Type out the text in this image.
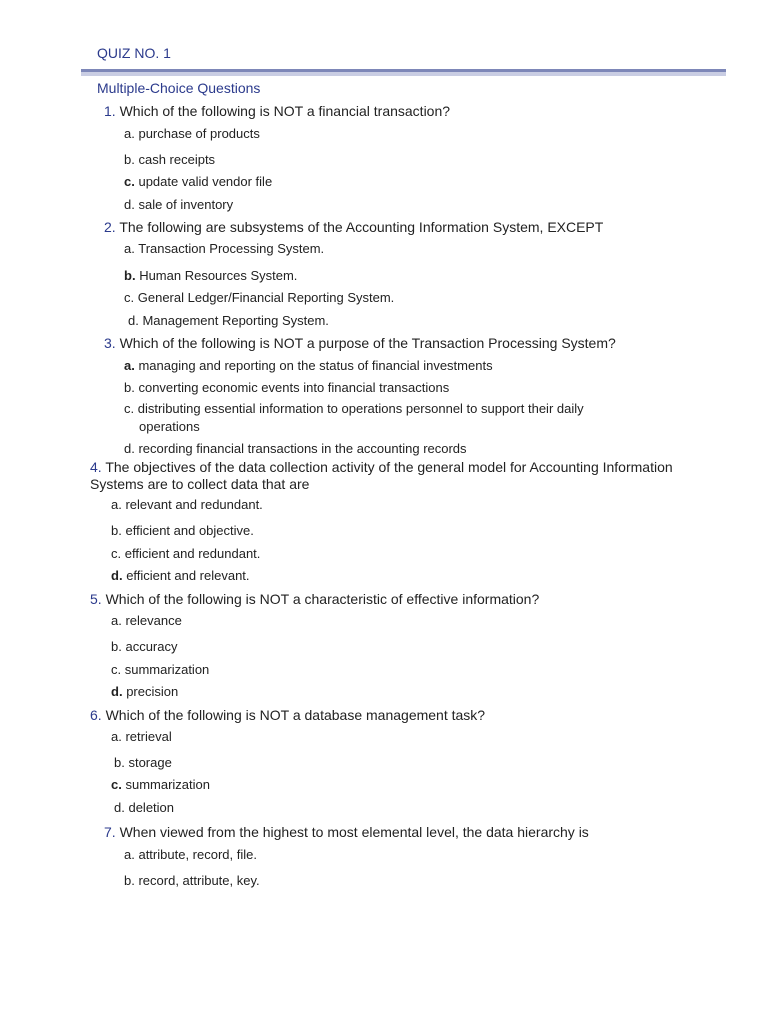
QUIZ NO. 1
Multiple-Choice Questions
1. Which of the following is NOT a financial transaction?
a. purchase of products
b. cash receipts
c. update valid vendor file
d. sale of inventory
2. The following are subsystems of the Accounting Information System, EXCEPT
a. Transaction Processing System.
b. Human Resources System.
c. General Ledger/Financial Reporting System.
d. Management Reporting System.
3. Which of the following is NOT a purpose of the Transaction Processing System?
a. managing and reporting on the status of financial investments
b. converting economic events into financial transactions
c. distributing essential information to operations personnel to support their daily
operations
d. recording financial transactions in the accounting records
4. The objectives of the data collection activity of the general model for Accounting Information
Systems are to collect data that are
a. relevant and redundant.
b. efficient and objective.
c. efficient and redundant.
d. efficient and relevant.
5. Which of the following is NOT a characteristic of effective information?
a. relevance
b. accuracy
c. summarization
d. precision
6. Which of the following is NOT a database management task?
a. retrieval
b. storage
c. summarization
d. deletion
7. When viewed from the highest to most elemental level, the data hierarchy is
a. attribute, record, file.
b. record, attribute, key.
